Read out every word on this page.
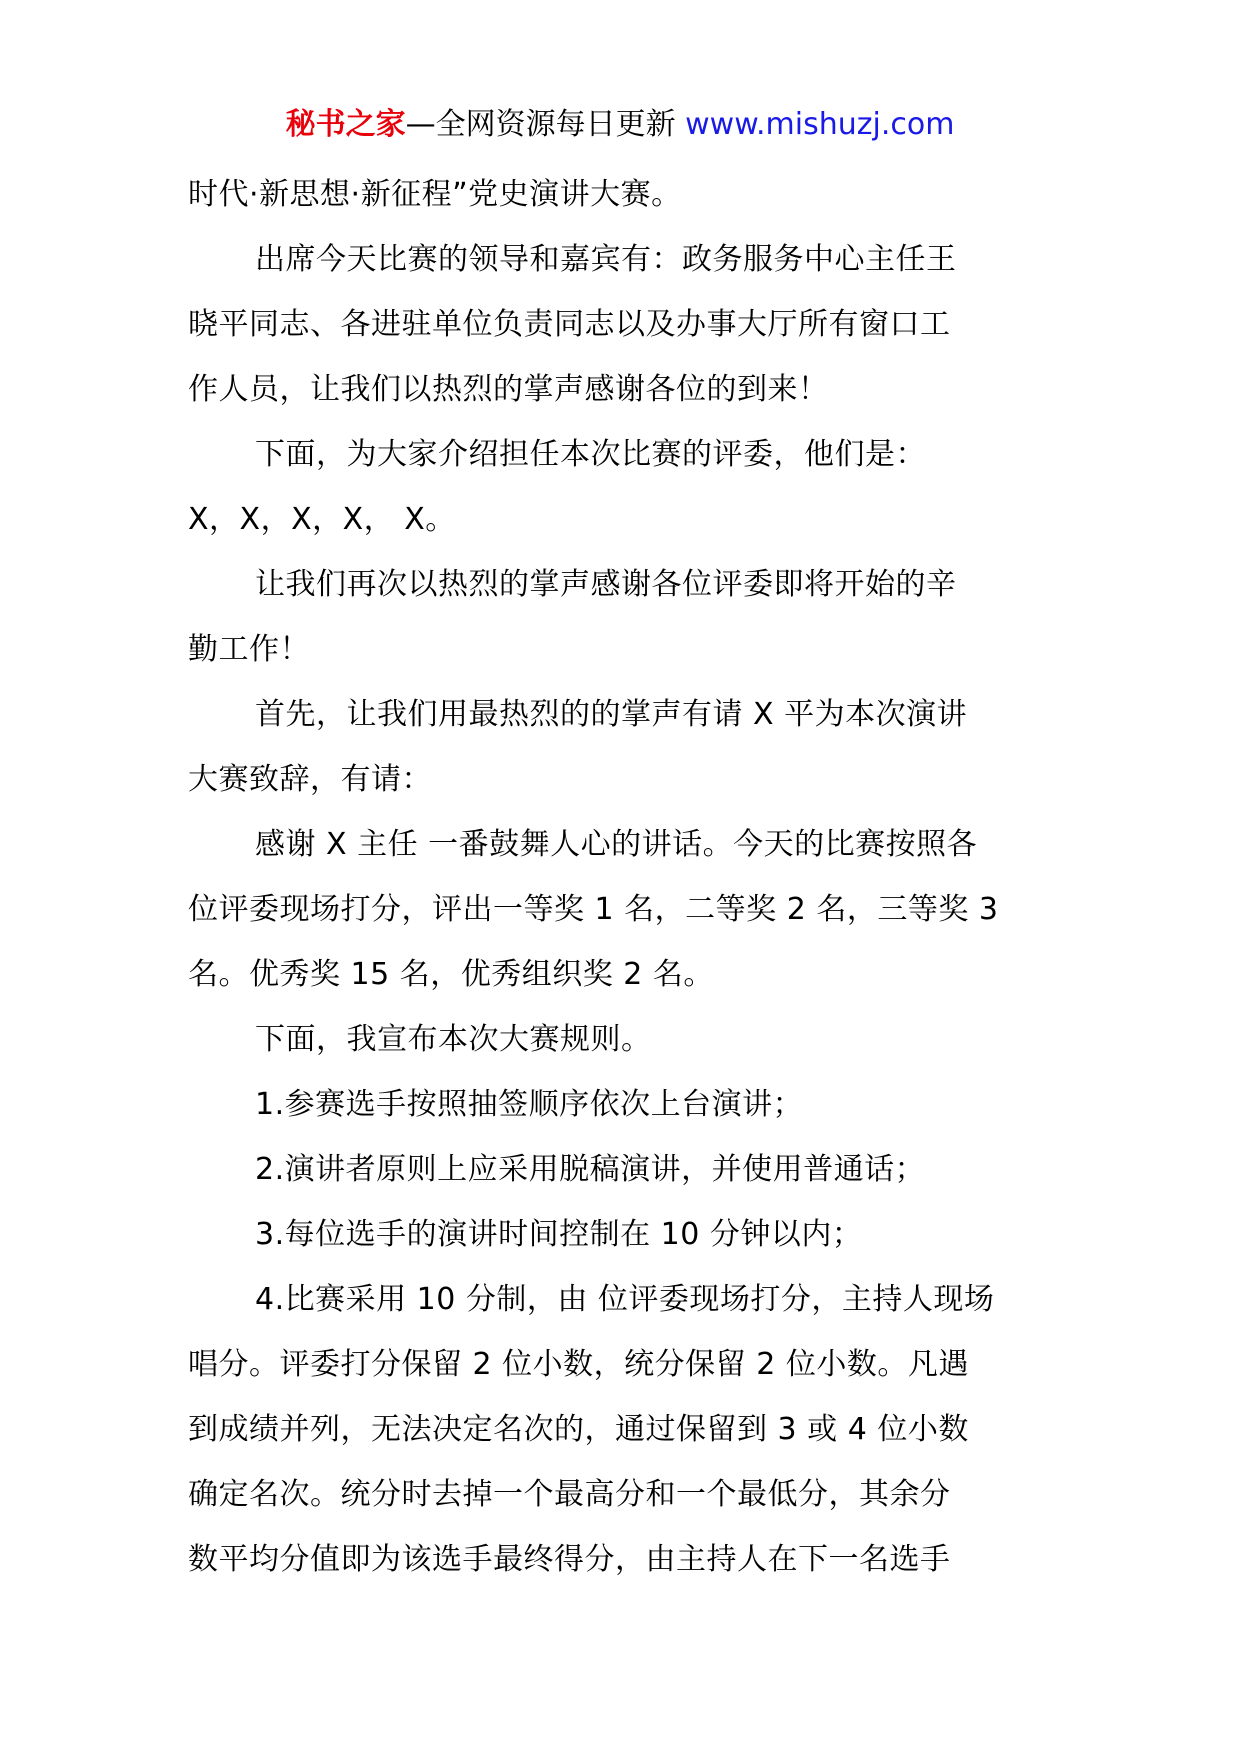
秘书之家—全网资源每日更新 www.mishuzj.com
时代·新思想·新征程”党史演讲大赛。
出席今天比赛的领导和嘉宾有：政务服务中心主任王
晓平同志、各进驻单位负责同志以及办事大厅所有窗口工
作人员，让我们以热烈的掌声感谢各位的到来！
下面，为大家介绍担任本次比赛的评委，他们是：
X，X，X，X， X。
让我们再次以热烈的掌声感谢各位评委即将开始的辛
勤工作！
首先，让我们用最热烈的的掌声有请 X 平为本次演讲
大赛致辞，有请：
感谢 X 主任 一番鼓舞人心的讲话。今天的比赛按照各
位评委现场打分，评出一等奖 1 名，二等奖 2 名，三等奖 3
名。优秀奖 15 名，优秀组织奖 2 名。
下面，我宣布本次大赛规则。
1.参赛选手按照抽签顺序依次上台演讲；
2.演讲者原则上应采用脱稿演讲，并使用普通话；
3.每位选手的演讲时间控制在 10 分钟以内；
4.比赛采用 10 分制，由 位评委现场打分，主持人现场
唱分。评委打分保留 2 位小数，统分保留 2 位小数。凡遇
到成绩并列，无法决定名次的，通过保留到 3 或 4 位小数
确定名次。统分时去掉一个最高分和一个最低分，其余分
数平均分值即为该选手最终得分，由主持人在下一名选手
